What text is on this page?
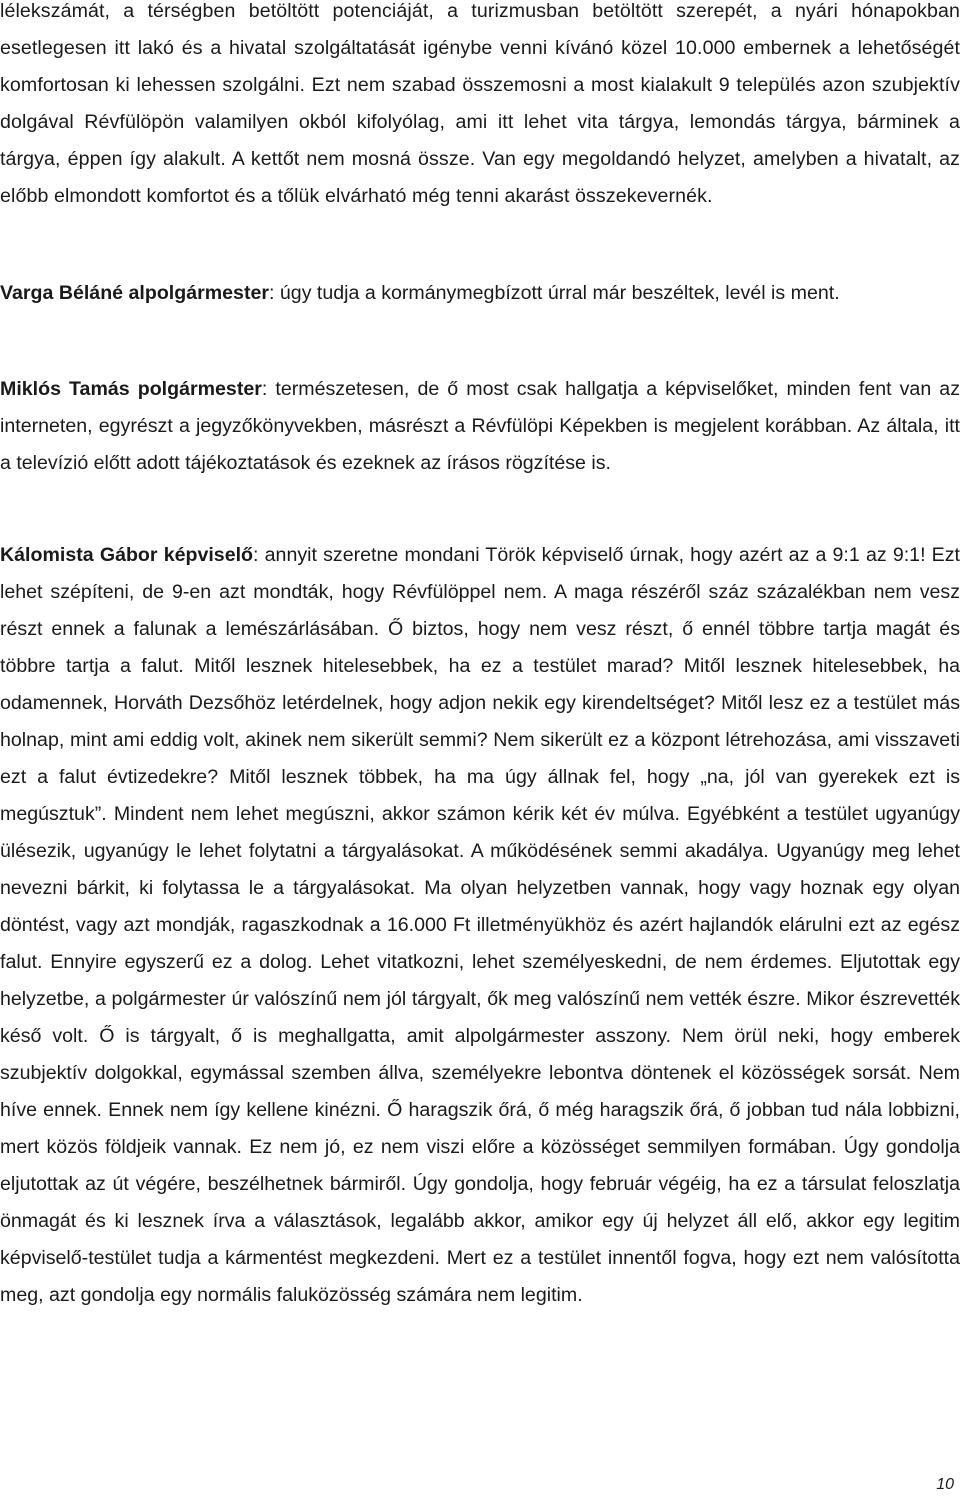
lélekszámát, a térségben betöltött potenciáját, a turizmusban betöltött szerepét, a nyári hónapokban esetlegesen itt lakó és a hivatal szolgáltatását igénybe venni kívánó közel 10.000 embernek a lehetőségét komfortosan ki lehessen szolgálni. Ezt nem szabad összemosni a most kialakult 9 település azon szubjektív dolgával Révfülöpön valamilyen okból kifolyólag, ami itt lehet vita tárgya, lemondás tárgya, bárminek a tárgya, éppen így alakult. A kettőt nem mosná össze. Van egy megoldandó helyzet, amelyben a hivatalt, az előbb elmondott komfortot és a tőlük elvárható még tenni akarást összekevernék.

Varga Béláné alpolgármester: úgy tudja a kormánymegbízott úrral már beszéltek, levél is ment.

Miklós Tamás polgármester: természetesen, de ő most csak hallgatja a képviselőket, minden fent van az interneten, egyrészt a jegyzőkönyvekben, másrészt a Révfülöpi Képekben is megjelent korábban. Az általa, itt a televízió előtt adott tájékoztatások és ezeknek az írásos rögzítése is.

Kálomista Gábor képviselő: annyit szeretne mondani Török képviselő úrnak, hogy azért az a 9:1 az 9:1! Ezt lehet szépíteni, de 9-en azt mondták, hogy Révfülöppel nem. A maga részéről száz százalékban nem vesz részt ennek a falunak a lemészárlásában. Ő biztos, hogy nem vesz részt, ő ennél többre tartja magát és többre tartja a falut. Mitől lesznek hitelesebbek, ha ez a testület marad? Mitől lesznek hitelesebbek, ha odamennek, Horváth Dezsőhöz letérdelnek, hogy adjon nekik egy kirendeltséget? Mitől lesz ez a testület más holnap, mint ami eddig volt, akinek nem sikerült semmi? Nem sikerült ez a központ létrehozása, ami visszaveti ezt a falut évtizedekre? Mitől lesznek többek, ha ma úgy állnak fel, hogy „na, jól van gyerekek ezt is megúsztuk”. Mindent nem lehet megúszni, akkor számon kérik két év múlva. Egyébként a testület ugyanúgy ülésezik, ugyanúgy le lehet folytatni a tárgyalásokat. A működésének semmi akadálya. Ugyanúgy meg lehet nevezni bárkit, ki folytassa le a tárgyalásokat. Ma olyan helyzetben vannak, hogy vagy hoznak egy olyan döntést, vagy azt mondják, ragaszkodnak a 16.000 Ft illetményükhöz és azért hajlandók elárulni ezt az egész falut. Ennyire egyszerű ez a dolog. Lehet vitatkozni, lehet személyeskedni, de nem érdemes. Eljutottak egy helyzetbe, a polgármester úr valószínű nem jól tárgyalt, ők meg valószínű nem vették észre. Mikor észrevették késő volt. Ő is tárgyalt, ő is meghallgatta, amit alpolgármester asszony. Nem örül neki, hogy emberek szubjektív dolgokkal, egymással szemben állva, személyekre lebontva döntenek el közösségek sorsát. Nem híve ennek. Ennek nem így kellene kinézni. Ő haragszik őrá, ő még haragszik őrá, ő jobban tud nála lobbizni, mert közös földjeik vannak. Ez nem jó, ez nem viszi előre a közösséget semmilyen formában. Úgy gondolja eljutottak az út végére, beszélhetnek bármiről. Úgy gondolja, hogy február végéig, ha ez a társulat feloszlatja önmagát és ki lesznek írva a választások, legalább akkor, amikor egy új helyzet áll elő, akkor egy legitim képviselő-testület tudja a kármentést megkezdeni. Mert ez a testület innentől fogva, hogy ezt nem valósította meg, azt gondolja egy normális faluközösség számára nem legitim.

10
